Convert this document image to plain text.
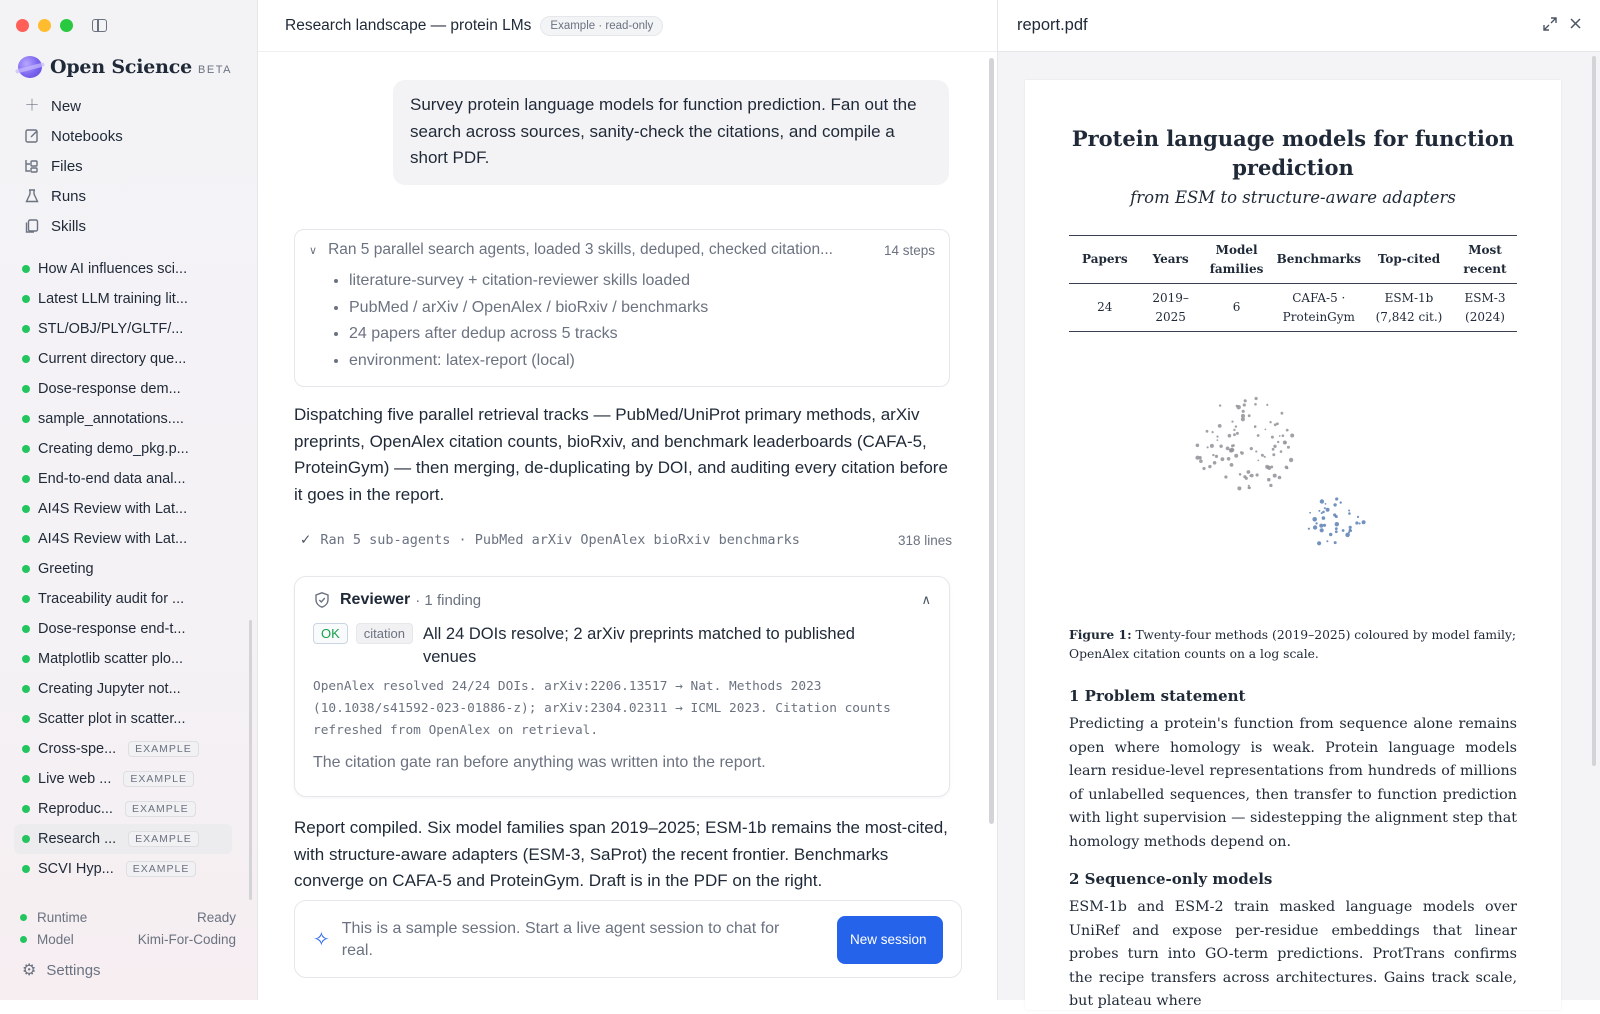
Open Science BETA
＋ New
Notebooks
Files
Runs
Skills
How AI influences sci...
Latest LLM training lit...
STL/OBJ/PLY/GLTF/...
Current directory que...
Dose-response dem...
sample_annotations....
Creating demo_pkg.p...
End-to-end data anal...
AI4S Review with Lat...
AI4S Review with Lat...
Greeting
Traceability audit for ...
Dose-response end-t...
Matplotlib scatter plo...
Creating Jupyter not...
Scatter plot in scatter...
Cross-spe...	EXAMPLE
Live web ...	EXAMPLE
Reproduc...	EXAMPLE
Research ...	EXAMPLE
SCVI Hyp...	EXAMPLE
Runtime	Ready
Model	Kimi-For-Coding
⚙ Settings
Research landscape — protein LMs	Example · read-only
Survey protein language models for function prediction. Fan out the search across sources, sanity-check the citations, and compile a short PDF.
∨ Ran 5 parallel search agents, loaded 3 skills, deduped, checked citation...	14 steps
• literature-survey + citation-reviewer skills loaded
• PubMed / arXiv / OpenAlex / bioRxiv / benchmarks
• 24 papers after dedup across 5 tracks
• environment: latex-report (local)
Dispatching five parallel retrieval tracks — PubMed/UniProt primary methods, arXiv preprints, OpenAlex citation counts, bioRxiv, and benchmark leaderboards (CAFA-5, ProteinGym) — then merging, de-duplicating by DOI, and auditing every citation before it goes in the report.
✓ Ran 5 sub-agents · PubMed arXiv OpenAlex bioRxiv benchmarks	318 lines
Reviewer · 1 finding	∧
OK	citation	All 24 DOIs resolve; 2 arXiv preprints matched to published venues
OpenAlex resolved 24/24 DOIs. arXiv:2206.13517 → Nat. Methods 2023 (10.1038/s41592-023-01886-z); arXiv:2304.02311 → ICML 2023. Citation counts refreshed from OpenAlex on retrieval.
The citation gate ran before anything was written into the report.
Report compiled. Six model families span 2019–2025; ESM-1b remains the most-cited, with structure-aware adapters (ESM-3, SaProt) the recent frontier. Benchmarks converge on CAFA-5 and ProteinGym. Draft is in the PDF on the right.
✧
This is a sample session. Start a live agent session to chat for real.
New session
report.pdf
Protein language models for function prediction
from ESM to structure-aware adapters
Papers	Years	Model families	Benchmarks	Top-cited	Most recent
24	2019–2025	6	CAFA-5 · ProteinGym	ESM-1b (7,842 cit.)	ESM-3 (2024)
Figure 1: Twenty-four methods (2019–2025) coloured by model family; OpenAlex citation counts on a log scale.
1 Problem statement
Predicting a protein's function from sequence alone remains open where homology is weak. Protein language models learn residue-level representations from hundreds of millions of unlabelled sequences, then transfer to function prediction with light supervision — sidestepping the alignment step that homology methods depend on.
2 Sequence-only models
ESM-1b and ESM-2 train masked language models over UniRef and expose per-residue embeddings that linear probes turn into GO-term predictions. ProtTrans confirms the recipe transfers across architectures. Gains track scale, but plateau where
